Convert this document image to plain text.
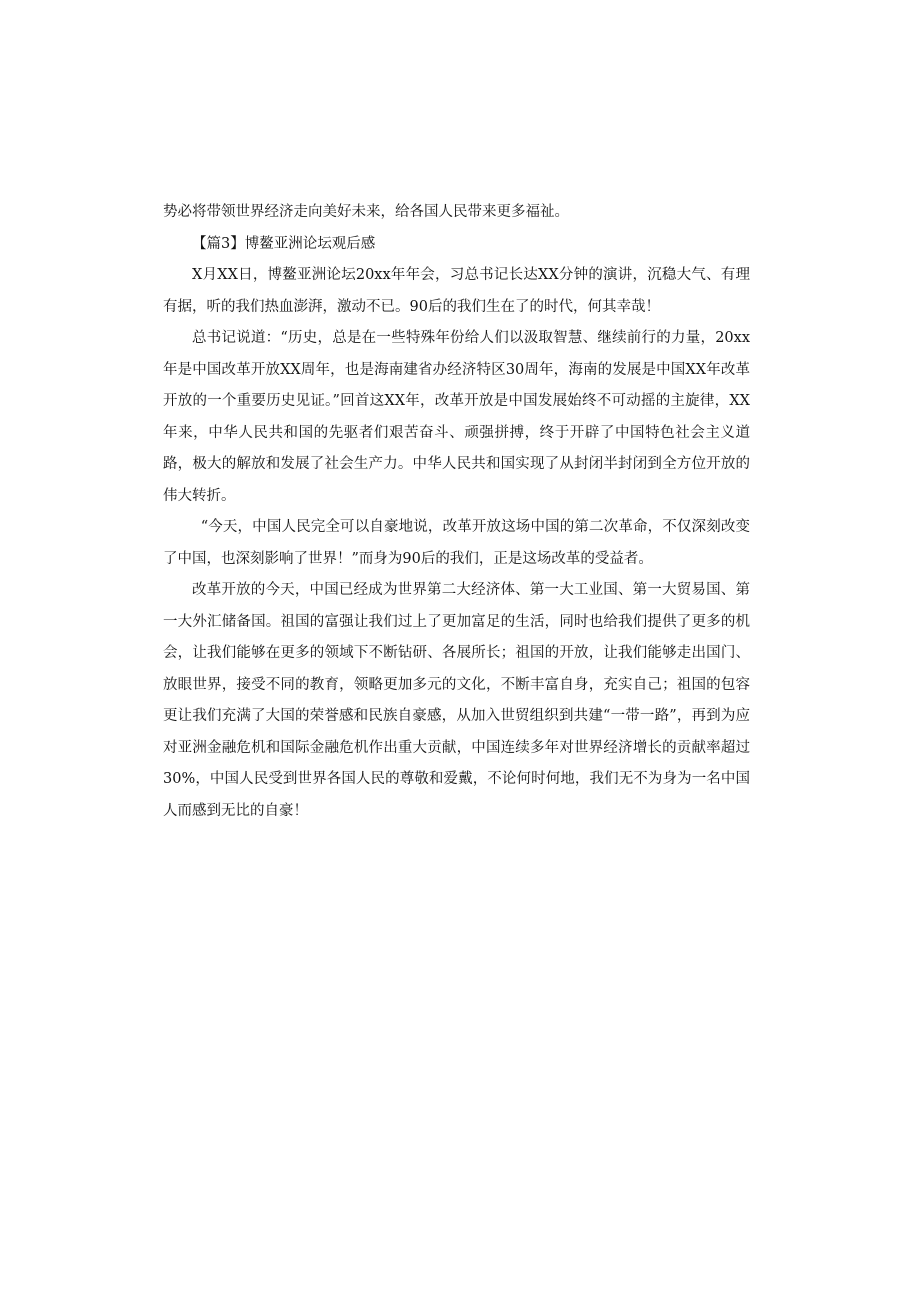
势必将带领世界经济走向美好未来，给各国人民带来更多福祉。

【篇3】博鳌亚洲论坛观后感

X月XX日，博鳌亚洲论坛20xx年年会，习总书记长达XX分钟的演讲，沉稳大气、有理有据，听的我们热血澎湃，激动不已。90后的我们生在了的时代，何其幸哉！

总书记说道：“历史，总是在一些特殊年份给人们以汲取智慧、继续前行的力量，20xx年是中国改革开放XX周年，也是海南建省办经济特区30周年，海南的发展是中国XX年改革开放的一个重要历史见证。”回首这XX年，改革开放是中国发展始终不可动摇的主旋律，XX年来，中华人民共和国的先驱者们艰苦奋斗、顽强拼搏，终于开辟了中国特色社会主义道路，极大的解放和发展了社会生产力。中华人民共和国实现了从封闭半封闭到全方位开放的伟大转折。

“今天，中国人民完全可以自豪地说，改革开放这场中国的第二次革命，不仅深刻改变了中国，也深刻影响了世界！”而身为90后的我们，正是这场改革的受益者。

改革开放的今天，中国已经成为世界第二大经济体、第一大工业国、第一大贸易国、第一大外汇储备国。祖国的富强让我们过上了更加富足的生活，同时也给我们提供了更多的机会，让我们能够在更多的领域下不断钻研、各展所长；祖国的开放，让我们能够走出国门、放眼世界，接受不同的教育，领略更加多元的文化，不断丰富自身，充实自己；祖国的包容更让我们充满了大国的荣誉感和民族自豪感，从加入世贸组织到共建“一带一路”，再到为应对亚洲金融危机和国际金融危机作出重大贡献，中国连续多年对世界经济增长的贡献率超过30%，中国人民受到世界各国人民的尊敬和爱戴，不论何时何地，我们无不为身为一名中国人而感到无比的自豪！
